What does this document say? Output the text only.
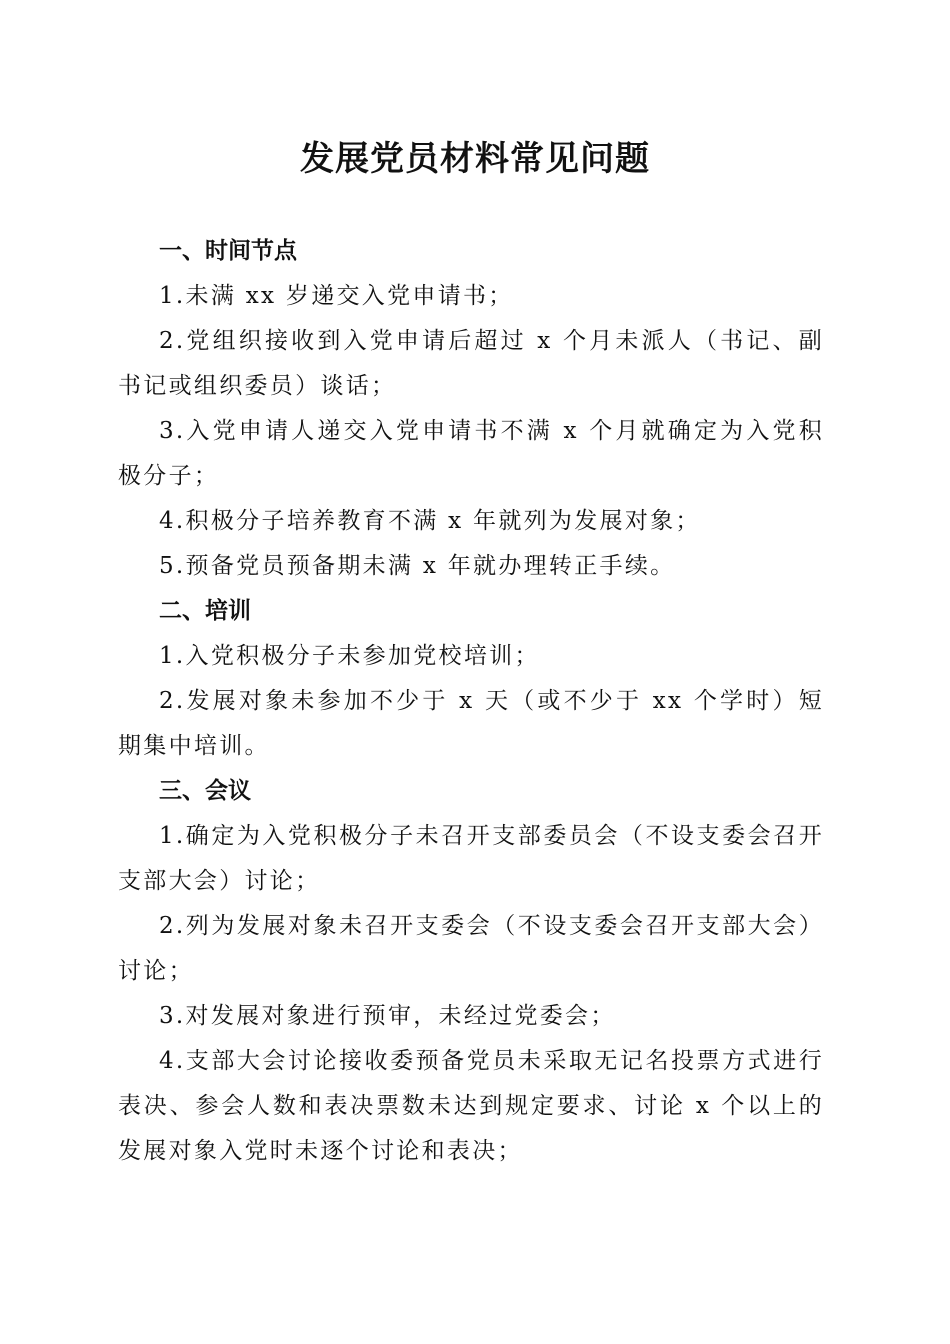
发展党员材料常见问题

一、时间节点

1.未满 xx 岁递交入党申请书；

2.党组织接收到入党申请后超过 x 个月未派人（书记、副书记或组织委员）谈话；

3.入党申请人递交入党申请书不满 x 个月就确定为入党积极分子；

4.积极分子培养教育不满 x 年就列为发展对象；

5.预备党员预备期未满 x 年就办理转正手续。

二、培训

1.入党积极分子未参加党校培训；

2.发展对象未参加不少于 x 天（或不少于 xx 个学时）短期集中培训。

三、会议

1.确定为入党积极分子未召开支部委员会（不设支委会召开支部大会）讨论；

2.列为发展对象未召开支委会（不设支委会召开支部大会）讨论；

3.对发展对象进行预审，未经过党委会；

4.支部大会讨论接收委预备党员未采取无记名投票方式进行表决、参会人数和表决票数未达到规定要求、讨论 x 个以上的发展对象入党时未逐个讨论和表决；
